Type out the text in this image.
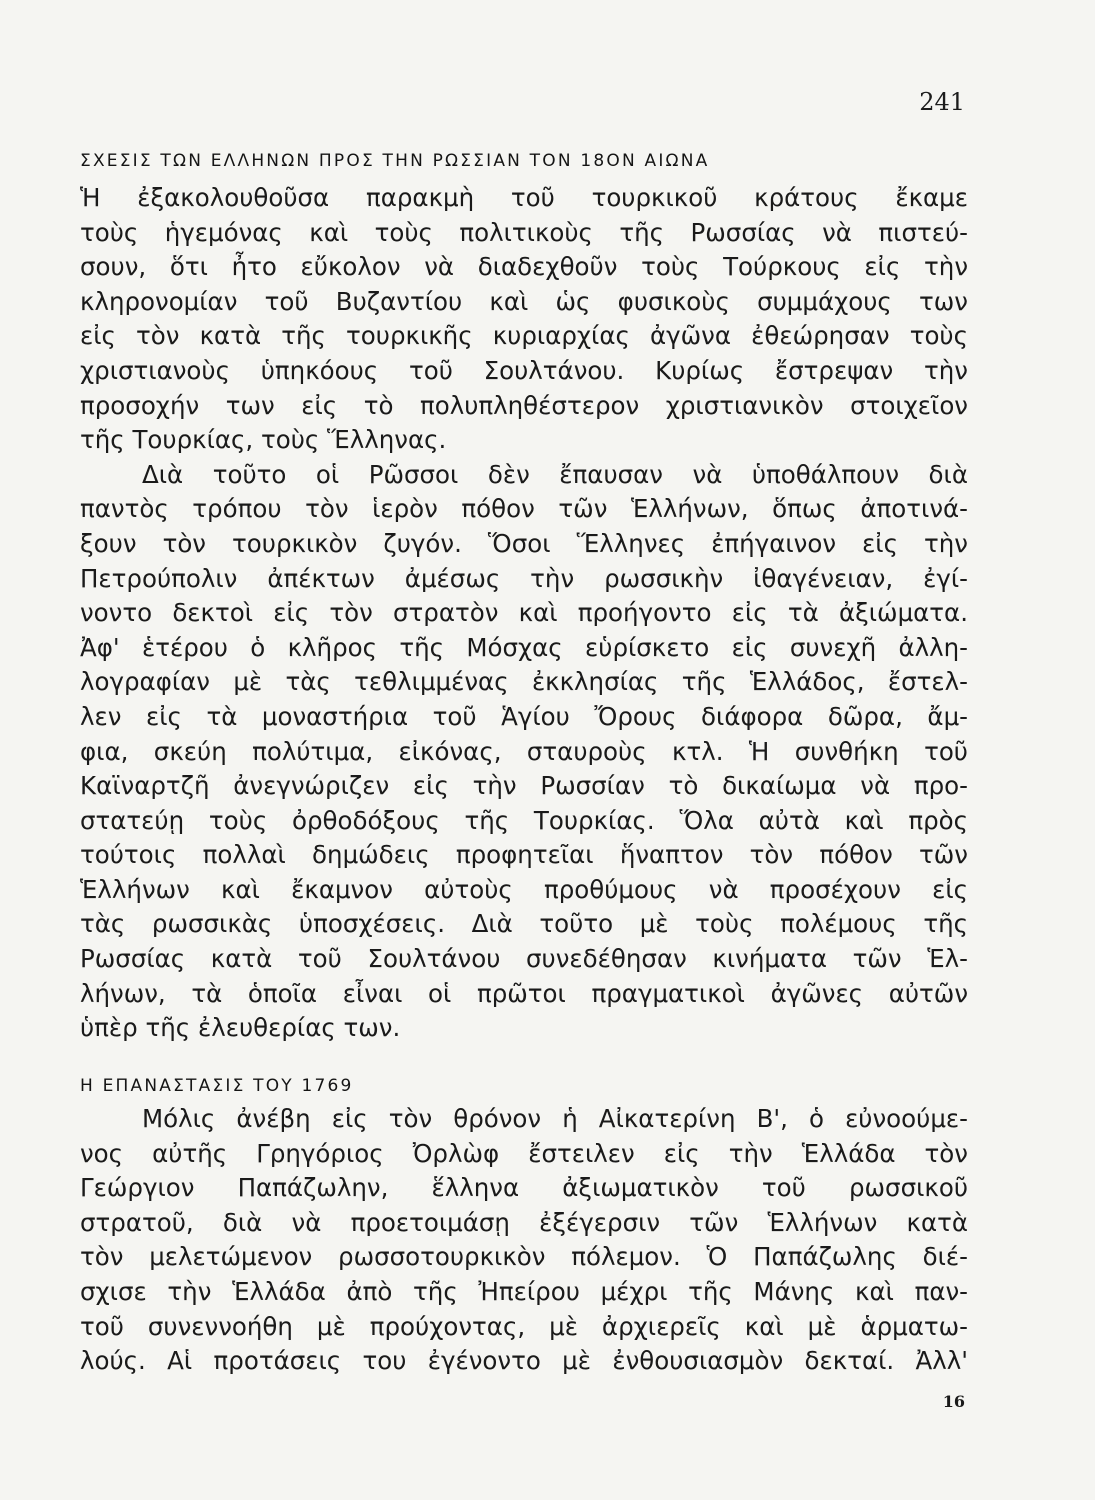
241
ΣΧΕΣΙΣ ΤΩΝ ΕΛΛΗΝΩΝ ΠΡΟΣ ΤΗΝ ΡΩΣΣΙΑΝ ΤΟΝ 18ΟΝ ΑΙΩΝΑ
Ἡ ἐξακολουθοῦσα παρακμὴ τοῦ τουρκικοῦ κράτους ἔκαμε
τοὺς ἡγεμόνας καὶ τοὺς πολιτικοὺς τῆς Ρωσσίας νὰ πιστεύ-
σουν, ὅτι ἦτο εὔκολον νὰ διαδεχθοῦν τοὺς Τούρκους εἰς τὴν
κληρονομίαν τοῦ Βυζαντίου καὶ ὡς φυσικοὺς συμμάχους των
εἰς τὸν κατὰ τῆς τουρκικῆς κυριαρχίας ἀγῶνα ἐθεώρησαν τοὺς
χριστιανοὺς ὑπηκόους τοῦ Σουλτάνου. Κυρίως ἔστρεψαν τὴν
προσοχήν των εἰς τὸ πολυπληθέστερον χριστιανικὸν στοιχεῖον
τῆς Τουρκίας, τοὺς Ἕλληνας.
Διὰ τοῦτο οἱ Ρῶσσοι δὲν ἔπαυσαν νὰ ὑποθάλπουν διὰ
παντὸς τρόπου τὸν ἱερὸν πόθον τῶν Ἑλλήνων, ὅπως ἀποτινά-
ξουν τὸν τουρκικὸν ζυγόν. Ὅσοι Ἕλληνες ἐπήγαινον εἰς τὴν
Πετρούπολιν ἀπέκτων ἀμέσως τὴν ρωσσικὴν ἰθαγένειαν, ἐγί-
νοντο δεκτοὶ εἰς τὸν στρατὸν καὶ προήγοντο εἰς τὰ ἀξιώματα.
Ἀφ' ἑτέρου ὁ κλῆρος τῆς Μόσχας εὑρίσκετο εἰς συνεχῆ ἀλλη-
λογραφίαν μὲ τὰς τεθλιμμένας ἐκκλησίας τῆς Ἑλλάδος, ἔστελ-
λεν εἰς τὰ μοναστήρια τοῦ Ἁγίου Ὄρους διάφορα δῶρα, ἄμ-
φια, σκεύη πολύτιμα, εἰκόνας, σταυροὺς κτλ. Ἡ συνθήκη τοῦ
Καϊναρτζῆ ἀνεγνώριζεν εἰς τὴν Ρωσσίαν τὸ δικαίωμα νὰ προ-
στατεύῃ τοὺς ὀρθοδόξους τῆς Τουρκίας. Ὅλα αὐτὰ καὶ πρὸς
τούτοις πολλαὶ δημώδεις προφητεῖαι ἥναπτον τὸν πόθον τῶν
Ἑλλήνων καὶ ἔκαμνον αὐτοὺς προθύμους νὰ προσέχουν εἰς
τὰς ρωσσικὰς ὑποσχέσεις. Διὰ τοῦτο μὲ τοὺς πολέμους τῆς
Ρωσσίας κατὰ τοῦ Σουλτάνου συνεδέθησαν κινήματα τῶν Ἑλ-
λήνων, τὰ ὁποῖα εἶναι οἱ πρῶτοι πραγματικοὶ ἀγῶνες αὐτῶν
ὑπὲρ τῆς ἐλευθερίας των.
Η ΕΠΑΝΑΣΤΑΣΙΣ ΤΟΥ 1769
Μόλις ἀνέβη εἰς τὸν θρόνον ἡ Αἰκατερίνη Β', ὁ εὐνοούμε-
νος αὐτῆς Γρηγόριος Ὀρλὼφ ἔστειλεν εἰς τὴν Ἑλλάδα τὸν
Γεώργιον Παπάζωλην, ἕλληνα ἀξιωματικὸν τοῦ ρωσσικοῦ
στρατοῦ, διὰ νὰ προετοιμάσῃ ἐξέγερσιν τῶν Ἑλλήνων κατὰ
τὸν μελετώμενον ρωσσοτουρκικὸν πόλεμον. Ὁ Παπάζωλης διέ-
σχισε τὴν Ἑλλάδα ἀπὸ τῆς Ἠπείρου μέχρι τῆς Μάνης καὶ παν-
τοῦ συνεννοήθη μὲ προύχοντας, μὲ ἀρχιερεῖς καὶ μὲ ἁρματω-
λούς. Αἱ προτάσεις του ἐγένοντο μὲ ἐνθουσιασμὸν δεκταί. Ἀλλ'
16
